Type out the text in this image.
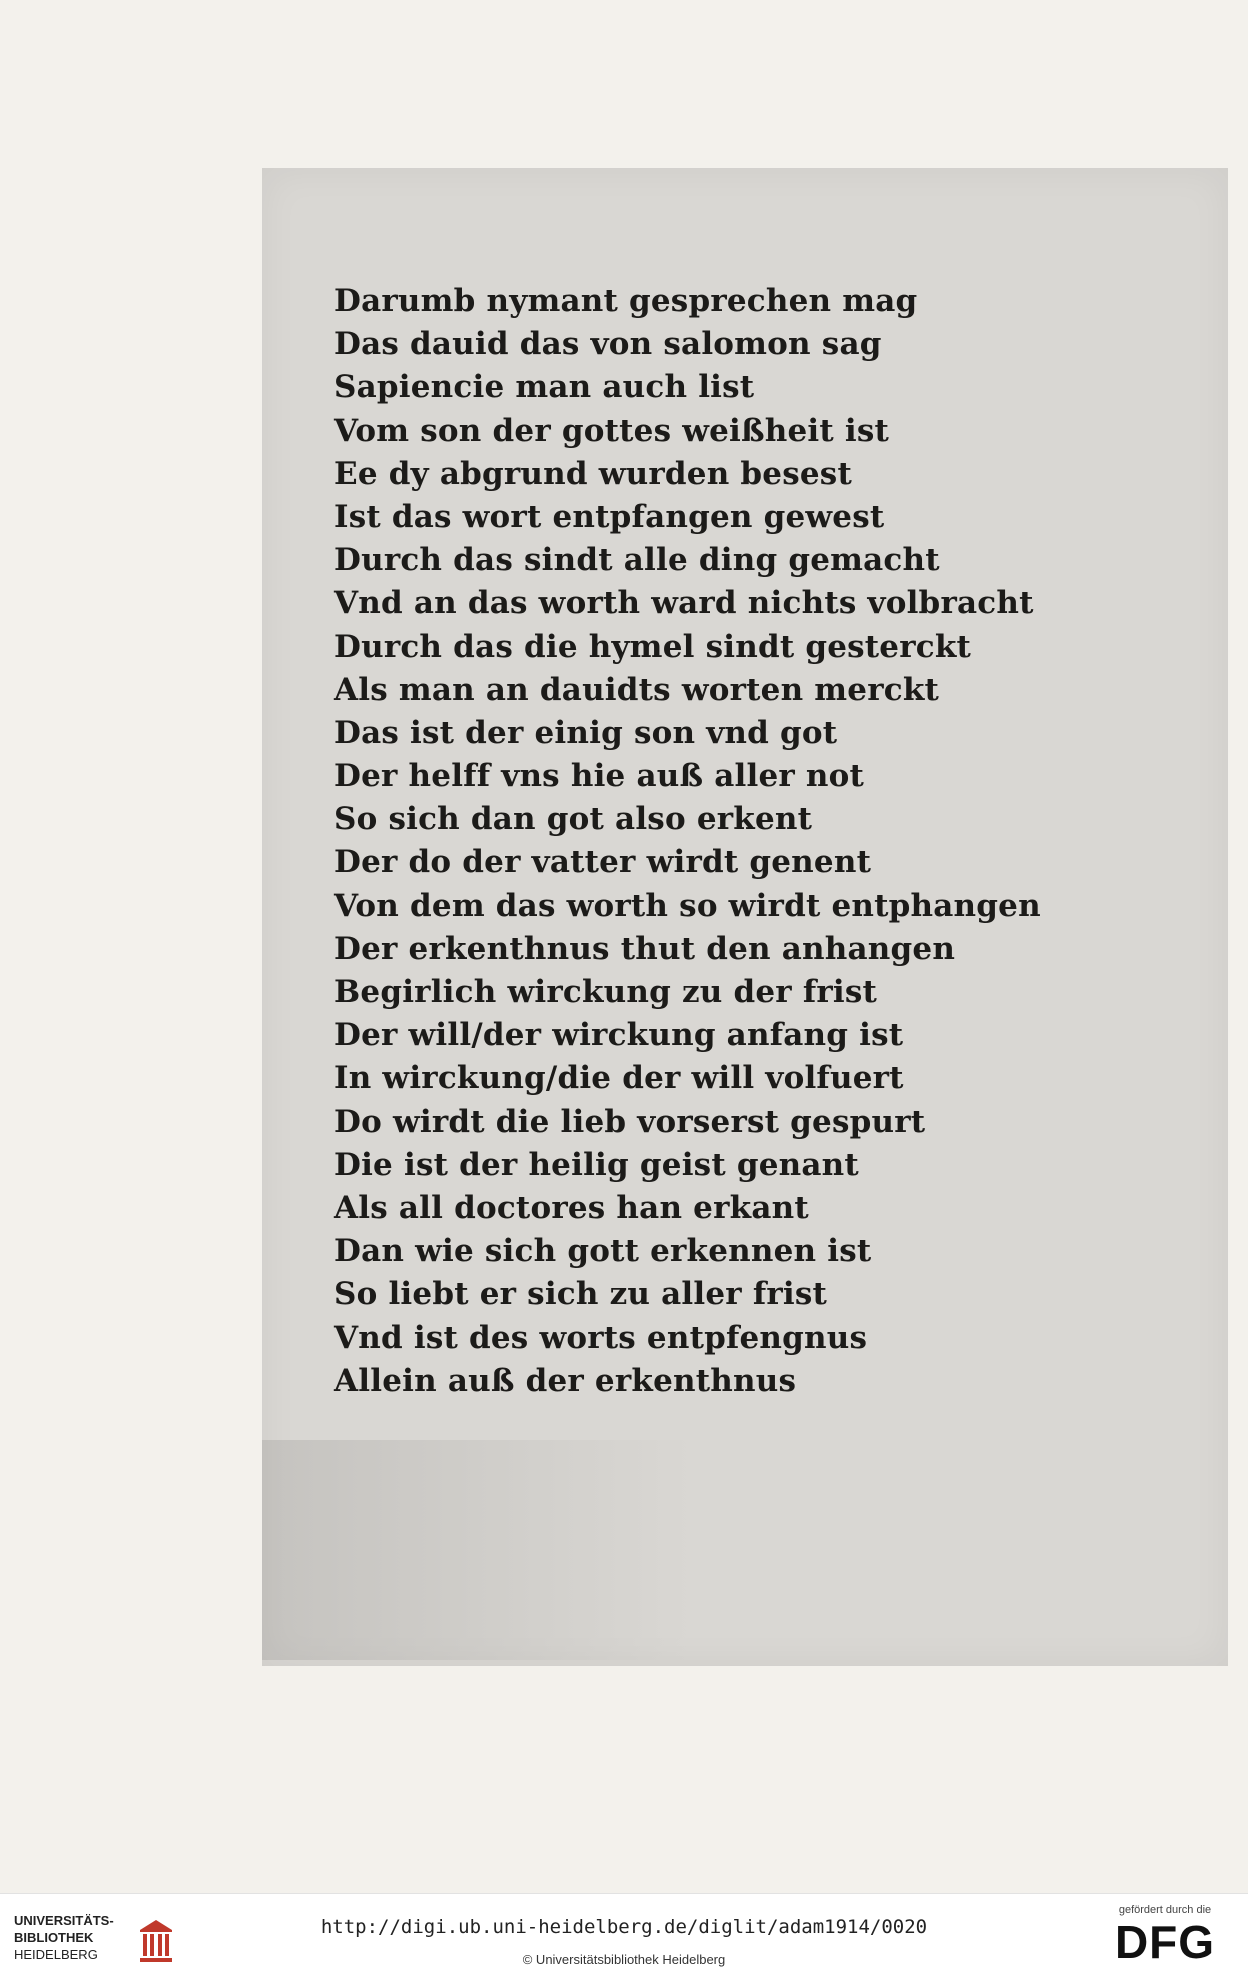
Darumb nymant gesprechen mag
Das dauid das von salomon sag
Sapiencie man auch list
Vom son der gottes weißheit ist
Ee dy abgrund wurden besest
Ist das wort entpfangen gewest
Durch das sindt alle ding gemacht
Vnd an das worth ward nichts volbracht
Durch das die hymel sindt gesterckt
Als man an dauidts worten merckt
Das ist der einig son vnd got
Der helff vns hie auß aller not
So sich dan got also erkent
Der do der vatter wirdt genent
Von dem das worth so wirdt entphangen
Der erkenthnus thut den anhangen
Begirlich wirckung zu der frist
Der will/der wirckung anfang ist
In wirckung/die der will volfuert
Do wirdt die lieb vorserst gespurt
Die ist der heilig geist genant
Als all doctores han erkant
Dan wie sich gott erkennen ist
So liebt er sich zu aller frist
Vnd ist des worts entpfengnus
Allein auß der erkenthnus
UNIVERSITÄTS-
BIBLIOTHEK
HEIDELBERG
http://digi.ub.uni-heidelberg.de/diglit/adam1914/0020
© Universitätsbibliothek Heidelberg
gefördert durch die
DFG
